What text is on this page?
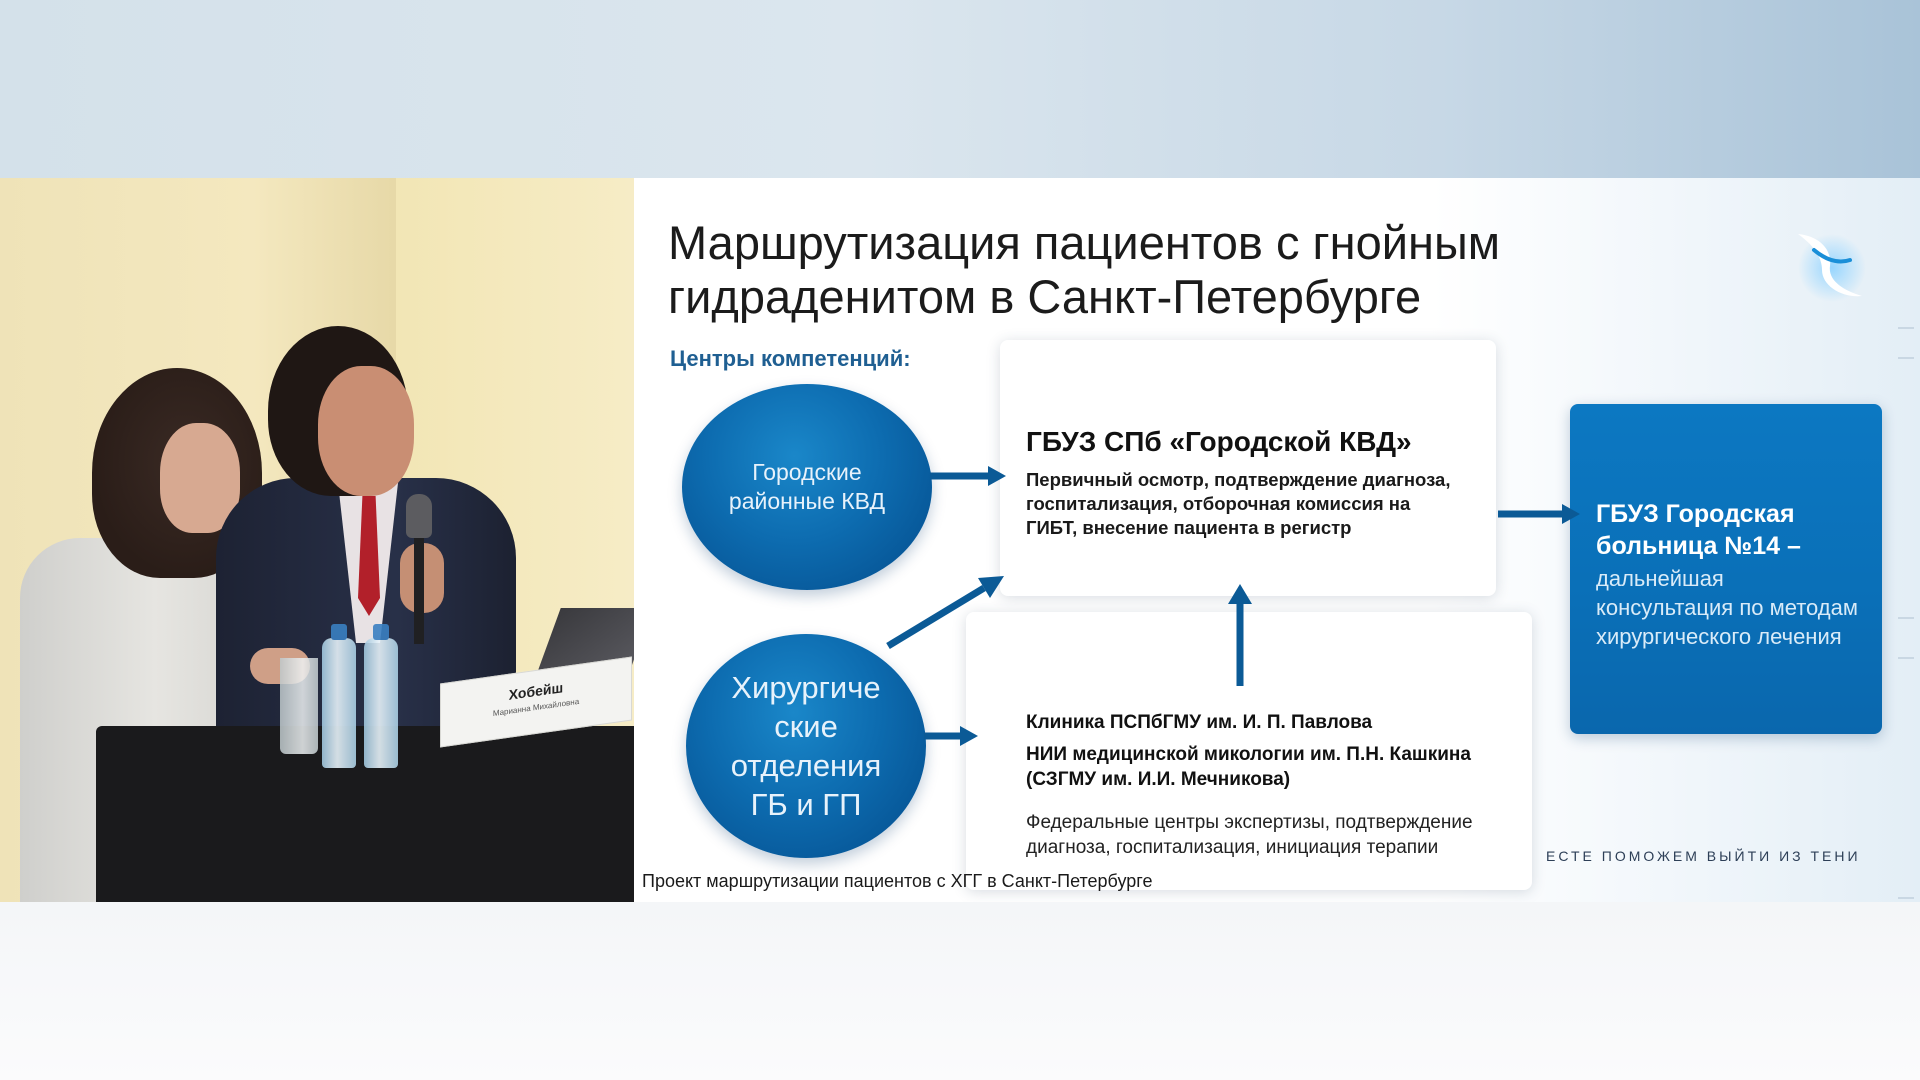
Хобейш
Марианна Михайловна
Маршрутизация пациентов с гнойным
гидраденитом в Санкт-Петербурге
Центры компетенций:
Городские районные КВД
Хирургиче ские отделения ГБ и ГП
ГБУЗ СПб «Городской КВД»
Первичный осмотр, подтверждение диагноза, госпитализация, отборочная комиссия на ГИБТ, внесение пациента в регистр
Клиника ПСПбГМУ им. И. П. Павлова
НИИ медицинской микологии им. П.Н. Кашкина (СЗГМУ им. И.И. Мечникова)
Федеральные центры экспертизы, подтверждение диагноза, госпитализация, инициация терапии
ГБУЗ Городская больница №14 –
дальнейшая консультация по методам хирургического лечения
ЕСТЕ ПОМОЖЕМ ВЫЙТИ ИЗ ТЕНИ
Проект маршрутизации пациентов с ХГГ в Санкт-Петербурге
